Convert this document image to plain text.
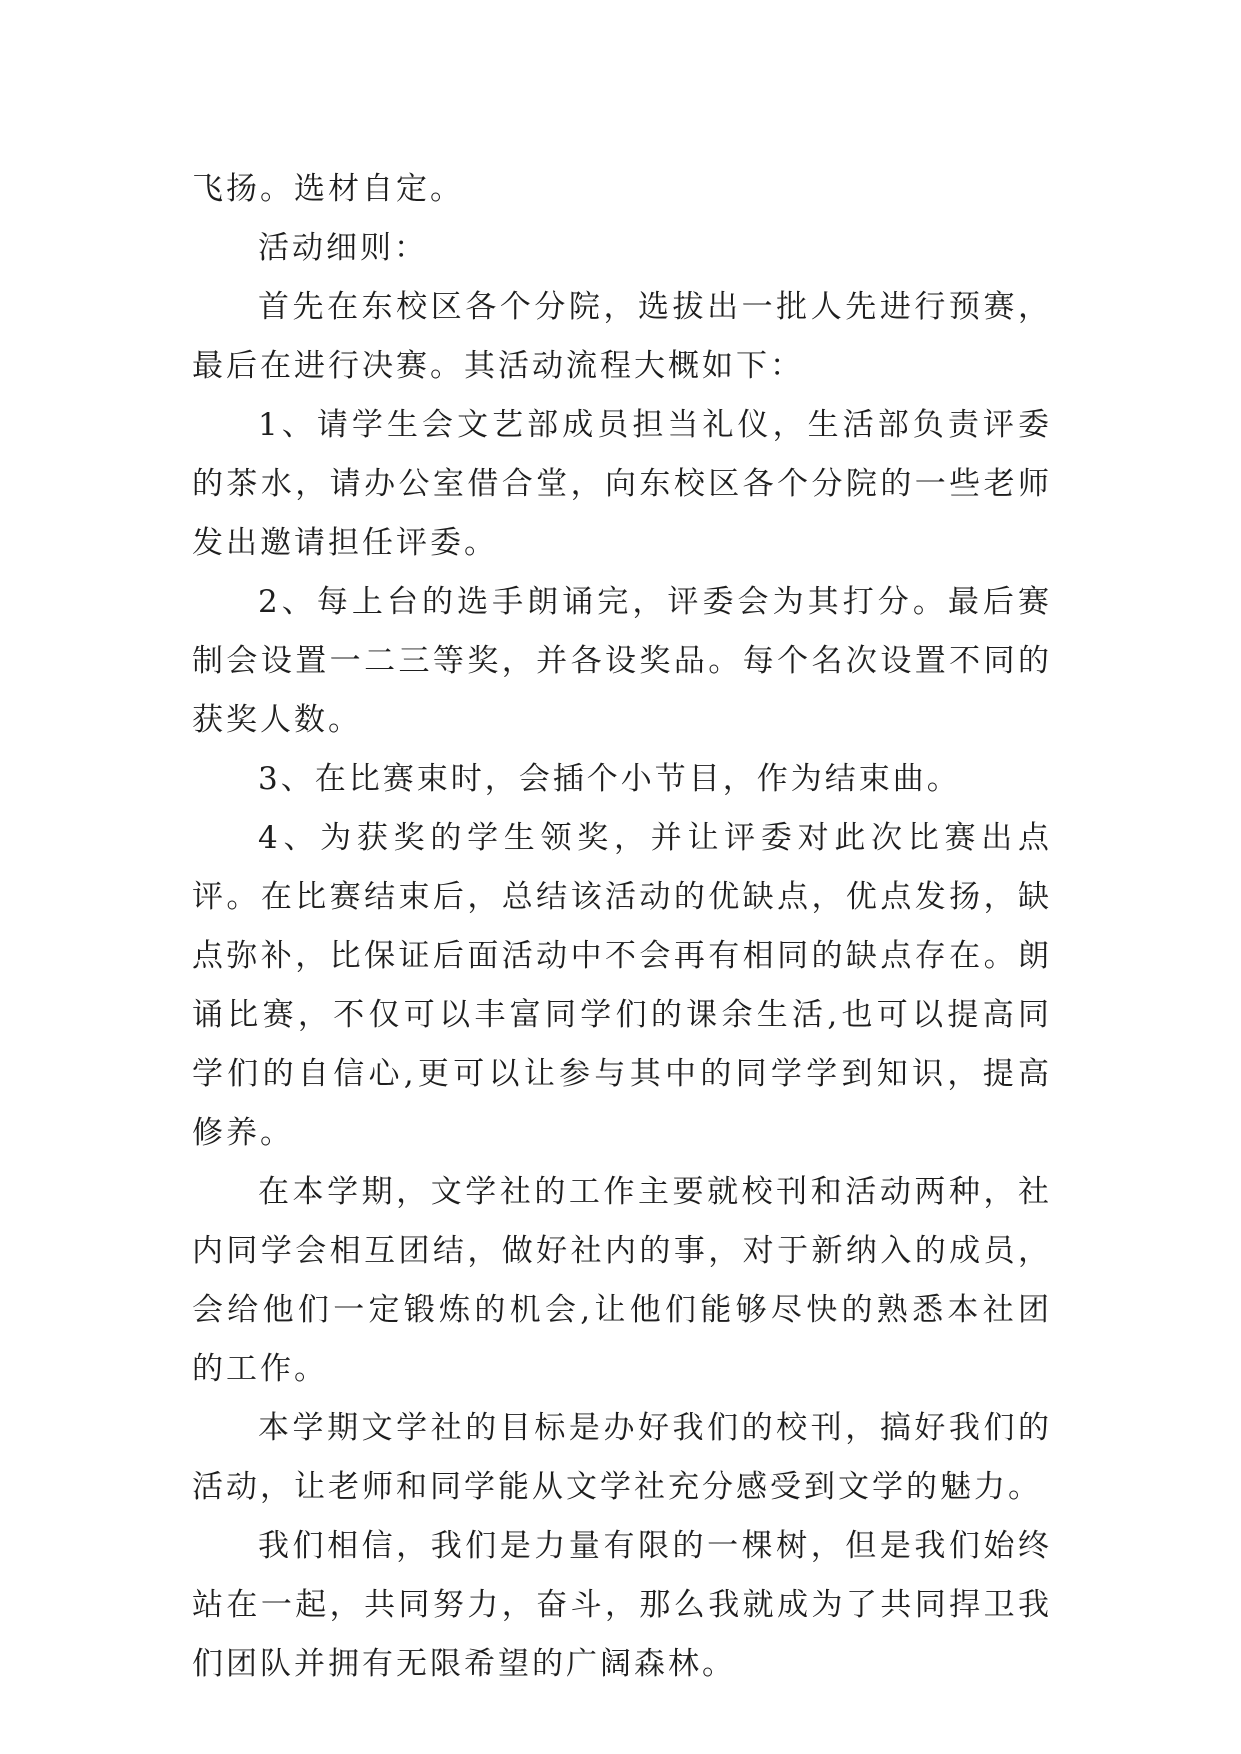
飞扬。选材自定。

活动细则：

首先在东校区各个分院，选拔出一批人先进行预赛，最后在进行决赛。其活动流程大概如下：

1、请学生会文艺部成员担当礼仪，生活部负责评委的茶水，请办公室借合堂，向东校区各个分院的一些老师发出邀请担任评委。

2、每上台的选手朗诵完，评委会为其打分。最后赛制会设置一二三等奖，并各设奖品。每个名次设置不同的获奖人数。

3、在比赛束时，会插个小节目，作为结束曲。

4、为获奖的学生领奖，并让评委对此次比赛出点评。在比赛结束后，总结该活动的优缺点，优点发扬，缺点弥补，比保证后面活动中不会再有相同的缺点存在。朗诵比赛，不仅可以丰富同学们的课余生活,也可以提高同学们的自信心,更可以让参与其中的同学学到知识，提高修养。

在本学期，文学社的工作主要就校刊和活动两种，社内同学会相互团结，做好社内的事，对于新纳入的成员，会给他们一定锻炼的机会,让他们能够尽快的熟悉本社团的工作。

本学期文学社的目标是办好我们的校刊，搞好我们的活动，让老师和同学能从文学社充分感受到文学的魅力。

我们相信，我们是力量有限的一棵树，但是我们始终站在一起，共同努力，奋斗，那么我就成为了共同捍卫我们团队并拥有无限希望的广阔森林。
